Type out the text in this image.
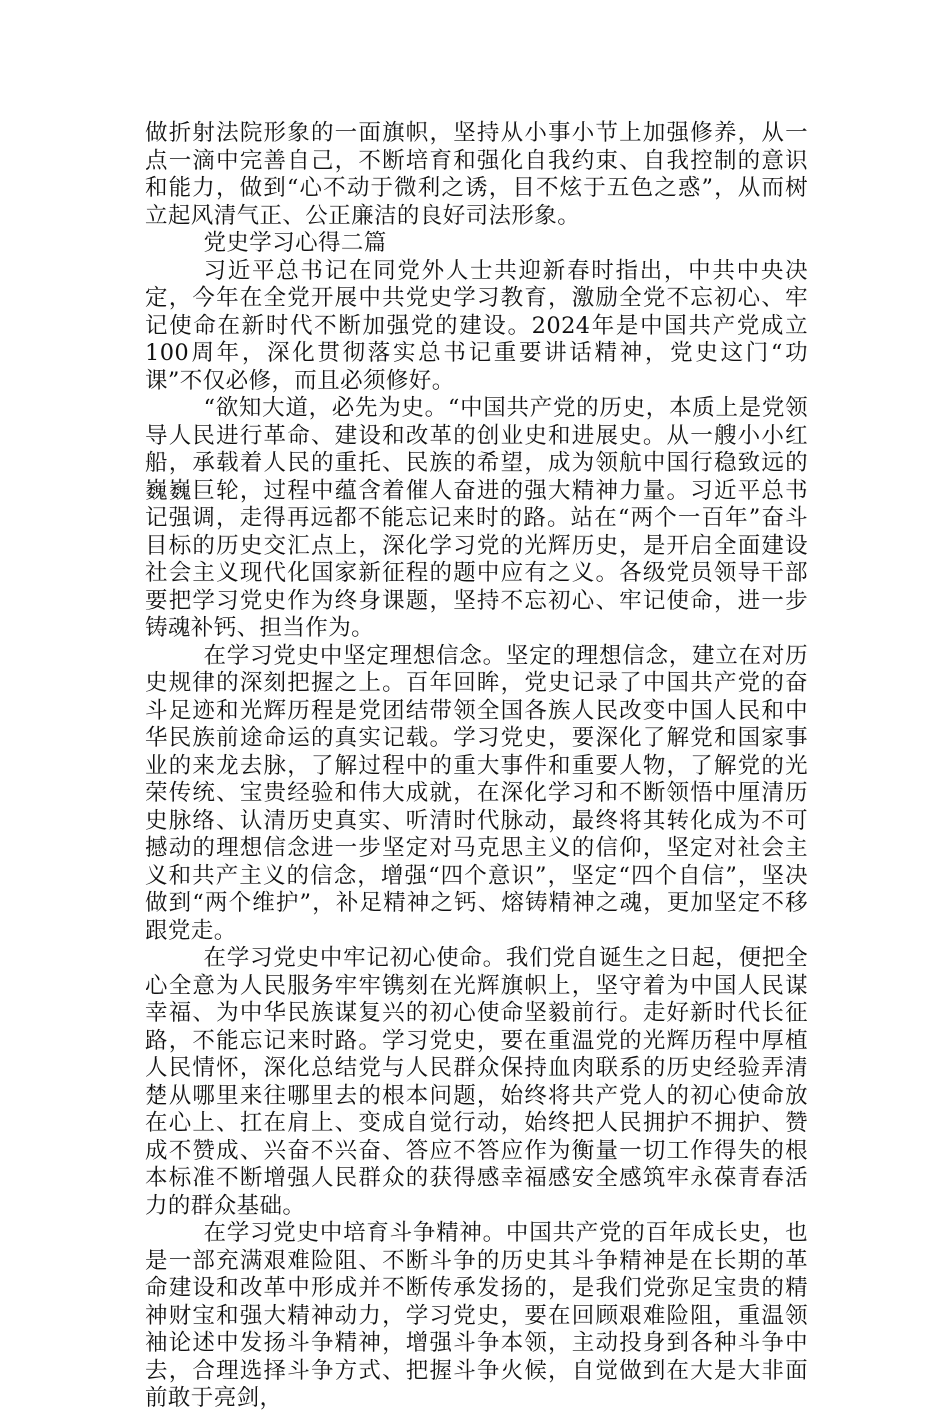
做折射法院形象的一面旗帜，坚持从小事小节上加强修养，从一点一滴中完善自己，不断培育和强化自我约束、自我控制的意识和能力，做到“心不动于微利之诱，目不炫于五色之惑”，从而树立起风清气正、公正廉洁的良好司法形象。

党史学习心得二篇

习近平总书记在同党外人士共迎新春时指出，中共中央决定，今年在全党开展中共党史学习教育，激励全党不忘初心、牢记使命在新时代不断加强党的建设。2024年是中国共产党成立100周年，深化贯彻落实总书记重要讲话精神，党史这门“功课”不仅必修，而且必须修好。

“欲知大道，必先为史。“中国共产党的历史，本质上是党领导人民进行革命、建设和改革的创业史和进展史。从一艘小小红船，承载着人民的重托、民族的希望，成为领航中国行稳致远的巍巍巨轮，过程中蕴含着催人奋进的强大精神力量。习近平总书记强调，走得再远都不能忘记来时的路。站在“两个一百年”奋斗目标的历史交汇点上，深化学习党的光辉历史，是开启全面建设社会主义现代化国家新征程的题中应有之义。各级党员领导干部要把学习党史作为终身课题，坚持不忘初心、牢记使命，进一步铸魂补钙、担当作为。

在学习党史中坚定理想信念。坚定的理想信念，建立在对历史规律的深刻把握之上。百年回眸，党史记录了中国共产党的奋斗足迹和光辉历程是党团结带领全国各族人民改变中国人民和中华民族前途命运的真实记载。学习党史，要深化了解党和国家事业的来龙去脉，了解过程中的重大事件和重要人物，了解党的光荣传统、宝贵经验和伟大成就，在深化学习和不断领悟中厘清历史脉络、认清历史真实、听清时代脉动，最终将其转化成为不可撼动的理想信念进一步坚定对马克思主义的信仰，坚定对社会主义和共产主义的信念，增强“四个意识”，坚定“四个自信”，坚决做到“两个维护”，补足精神之钙、熔铸精神之魂，更加坚定不移跟党走。

在学习党史中牢记初心使命。我们党自诞生之日起，便把全心全意为人民服务牢牢镌刻在光辉旗帜上，坚守着为中国人民谋幸福、为中华民族谋复兴的初心使命坚毅前行。走好新时代长征路，不能忘记来时路。学习党史，要在重温党的光辉历程中厚植人民情怀，深化总结党与人民群众保持血肉联系的历史经验弄清楚从哪里来往哪里去的根本问题，始终将共产党人的初心使命放在心上、扛在肩上、变成自觉行动，始终把人民拥护不拥护、赞成不赞成、兴奋不兴奋、答应不答应作为衡量一切工作得失的根本标准不断增强人民群众的获得感幸福感安全感筑牢永葆青春活力的群众基础。

在学习党史中培育斗争精神。中国共产党的百年成长史，也是一部充满艰难险阻、不断斗争的历史其斗争精神是在长期的革命建设和改革中形成并不断传承发扬的，是我们党弥足宝贵的精神财宝和强大精神动力，学习党史，要在回顾艰难险阻，重温领袖论述中发扬斗争精神，增强斗争本领，主动投身到各种斗争中去，合理选择斗争方式、把握斗争火候，自觉做到在大是大非面前敢于亮剑，
